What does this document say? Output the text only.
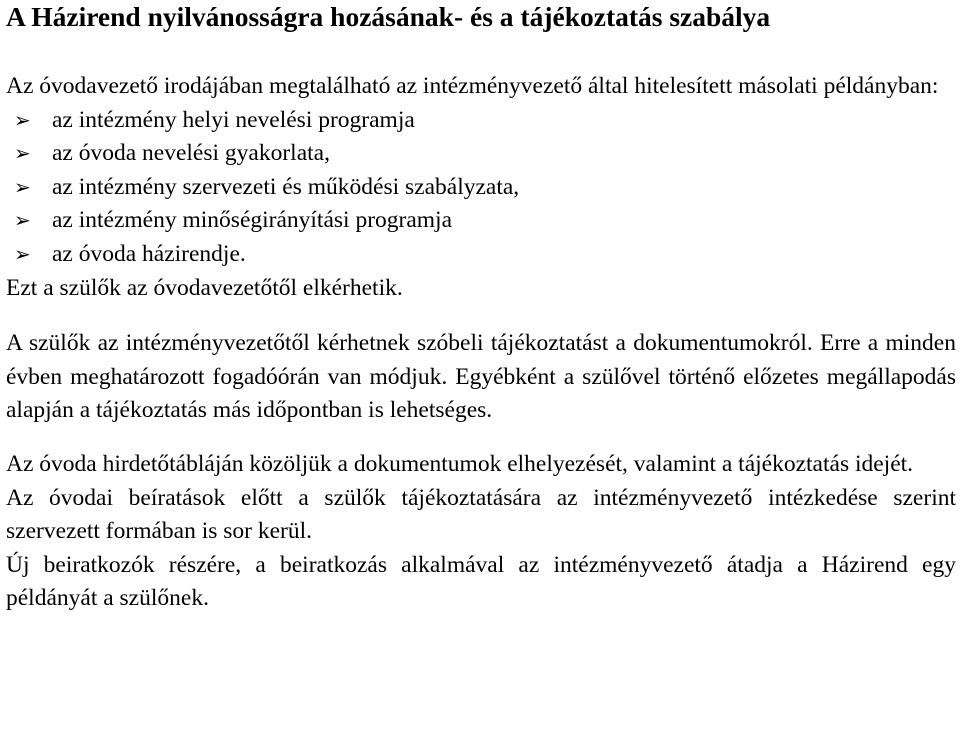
A Házirend nyilvánosságra hozásának- és a tájékoztatás szabálya

Az óvodavezető irodájában megtalálható az intézményvezető által hitelesített másolati példányban:

➢ az intézmény helyi nevelési programja
➢ az óvoda nevelési gyakorlata,
➢ az intézmény szervezeti és működési szabályzata,
➢ az intézmény minőségirányítási programja
➢ az óvoda házirendje.

Ezt a szülők az óvodavezetőtől elkérhetik.

A szülők az intézményvezetőtől kérhetnek szóbeli tájékoztatást a dokumentumokról. Erre a minden évben meghatározott fogadóórán van módjuk. Egyébként a szülővel történő előzetes megállapodás alapján a tájékoztatás más időpontban is lehetséges.

Az óvoda hirdetőtábláján közöljük a dokumentumok elhelyezését, valamint a tájékoztatás idejét.

Az óvodai beíratások előtt a szülők tájékoztatására az intézményvezető intézkedése szerint szervezett formában is sor kerül.

Új beiratkozók részére, a beiratkozás alkalmával az intézményvezető átadja a Házirend egy példányát a szülőnek.
